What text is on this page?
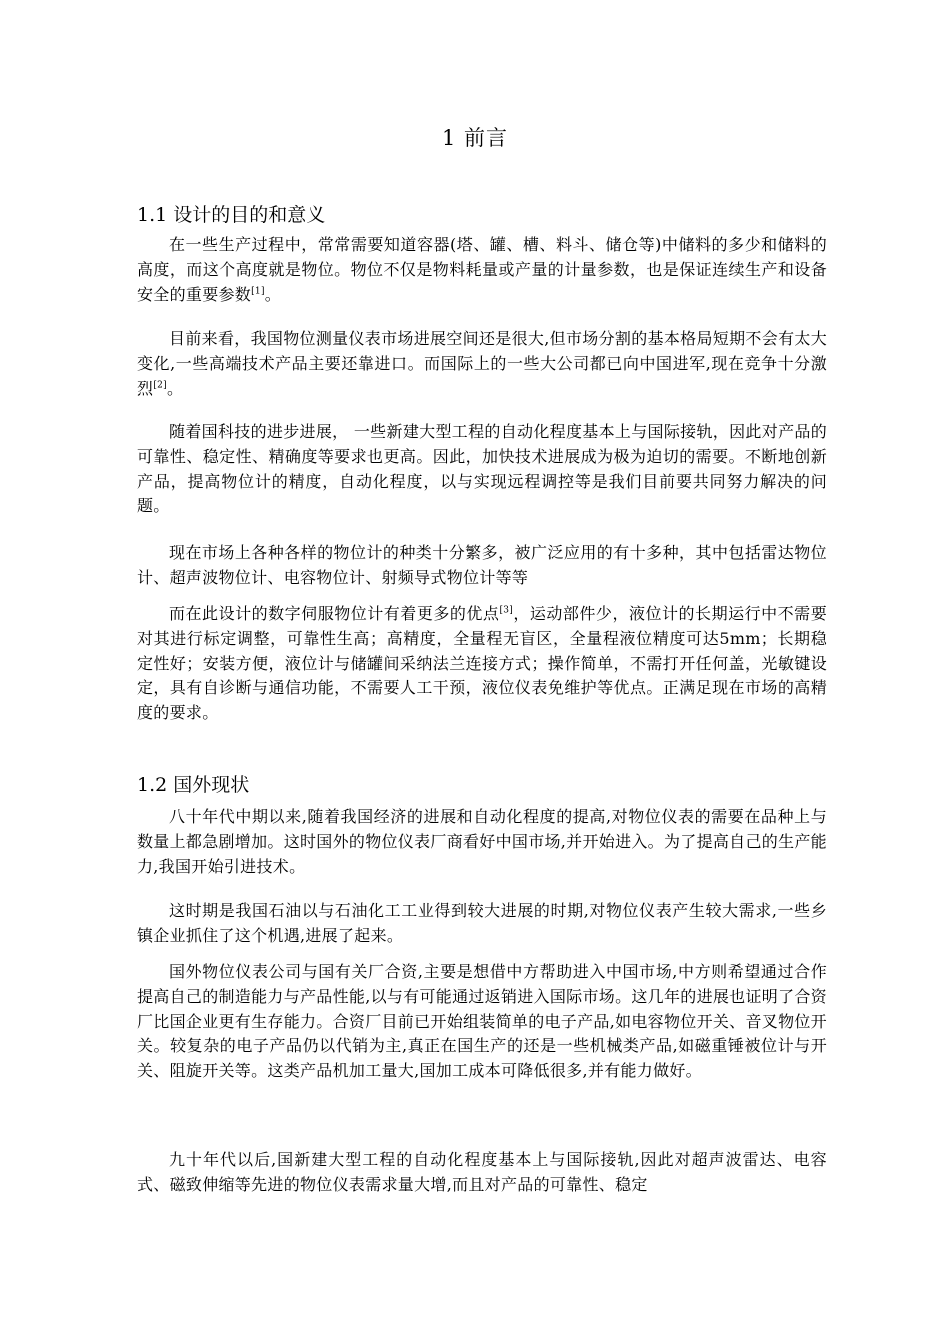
1 前言
1.1 设计的目的和意义

在一些生产过程中，常常需要知道容器(塔、罐、槽、料斗、储仓等)中储料的多少和储料的高度，而这个高度就是物位。物位不仅是物料耗量或产量的计量参数，也是保证连续生产和设备安全的重要参数[1]。

目前来看，我国物位测量仪表市场进展空间还是很大,但市场分割的基本格局短期不会有太大变化,一些高端技术产品主要还靠进口。而国际上的一些大公司都已向中国进军,现在竞争十分激烈[2]。

随着国科技的进步进展， 一些新建大型工程的自动化程度基本上与国际接轨，因此对产品的可靠性、稳定性、精确度等要求也更高。因此，加快技术进展成为极为迫切的需要。不断地创新产品，提高物位计的精度，自动化程度，以与实现远程调控等是我们目前要共同努力解决的问题。

现在市场上各种各样的物位计的种类十分繁多，被广泛应用的有十多种，其中包括雷达物位计、超声波物位计、电容物位计、射频导式物位计等等

而在此设计的数字伺服物位计有着更多的优点[3]，运动部件少，液位计的长期运行中不需要对其进行标定调整，可靠性生高；高精度，全量程无盲区，全量程液位精度可达5mm；长期稳定性好；安装方便，液位计与储罐间采纳法兰连接方式；操作简单，不需打开任何盖，光敏键设定，具有自诊断与通信功能，不需要人工干预，液位仪表免维护等优点。正满足现在市场的高精度的要求。

1.2 国外现状

八十年代中期以来,随着我国经济的进展和自动化程度的提高,对物位仪表的需要在品种上与数量上都急剧增加。这时国外的物位仪表厂商看好中国市场,并开始进入。为了提高自己的生产能力,我国开始引进技术。

这时期是我国石油以与石油化工工业得到较大进展的时期,对物位仪表产生较大需求,一些乡镇企业抓住了这个机遇,进展了起来。

国外物位仪表公司与国有关厂合资,主要是想借中方帮助进入中国市场,中方则希望通过合作提高自己的制造能力与产品性能,以与有可能通过返销进入国际市场。这几年的进展也证明了合资厂比国企业更有生存能力。合资厂目前已开始组装简单的电子产品,如电容物位开关、音叉物位开关。较复杂的电子产品仍以代销为主,真正在国生产的还是一些机械类产品,如磁重锤被位计与开关、阻旋开关等。这类产品机加工量大,国加工成本可降低很多,并有能力做好。

九十年代以后,国新建大型工程的自动化程度基本上与国际接轨,因此对超声波雷达、电容式、磁致伸缩等先进的物位仪表需求量大增,而且对产品的可靠性、稳定
